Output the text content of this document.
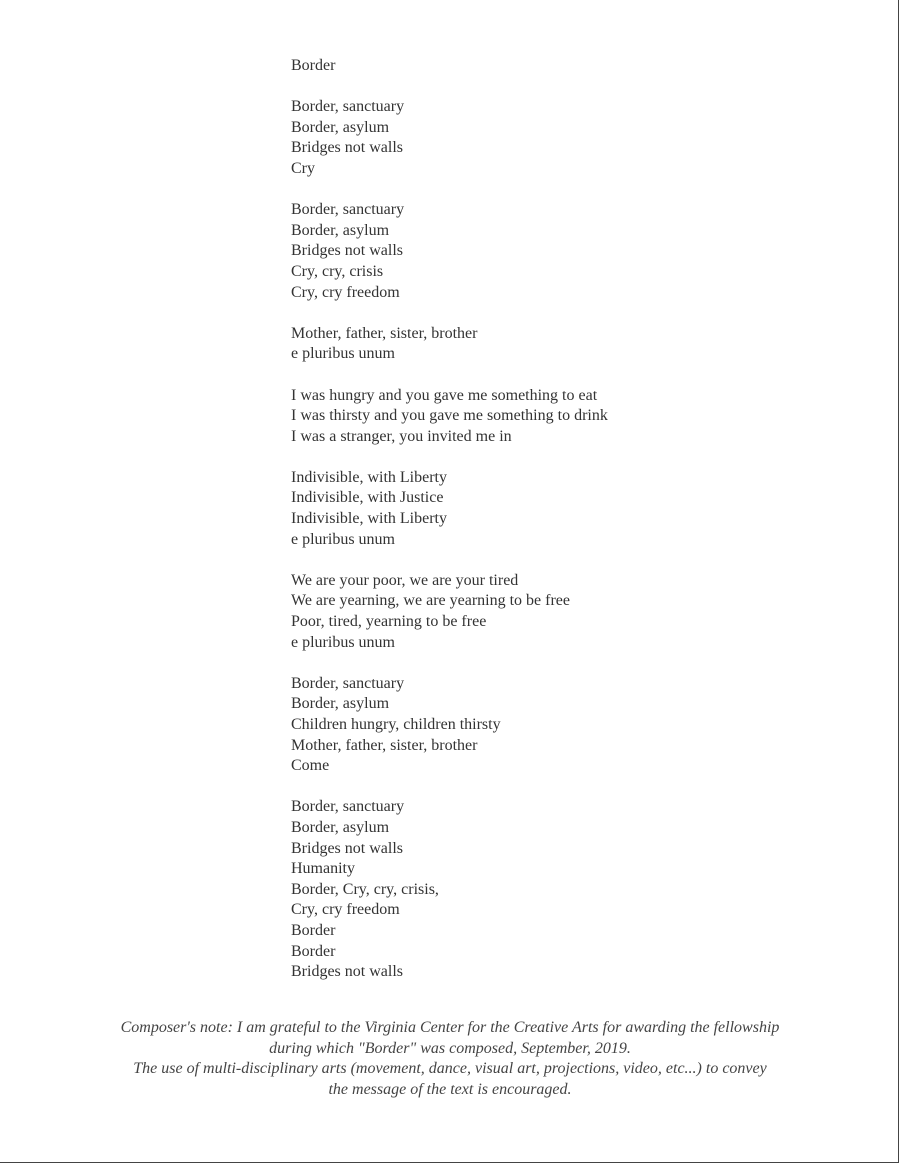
Border
Border, sanctuary
Border, asylum
Bridges not walls
Cry
Border, sanctuary
Border, asylum
Bridges not walls
Cry, cry, crisis
Cry, cry freedom
Mother, father, sister, brother
e pluribus unum
I was hungry and you gave me something to eat
I was thirsty and you gave me something to drink
I was a stranger, you invited me in
Indivisible, with Liberty
Indivisible, with Justice
Indivisible, with Liberty
e pluribus unum
We are your poor, we are your tired
We are yearning, we are yearning to be free
Poor, tired, yearning to be free
e pluribus unum
Border, sanctuary
Border, asylum
Children hungry, children thirsty
Mother, father, sister, brother
Come
Border, sanctuary
Border, asylum
Bridges not walls
Humanity
Border, Cry, cry, crisis,
Cry, cry freedom
Border
Border
Bridges not walls
Composer's note: I am grateful to the Virginia Center for the Creative Arts for awarding the fellowship
during which "Border" was composed, September, 2019.
The use of multi-disciplinary arts (movement, dance, visual art, projections, video, etc...) to convey
the message of the text is encouraged.
